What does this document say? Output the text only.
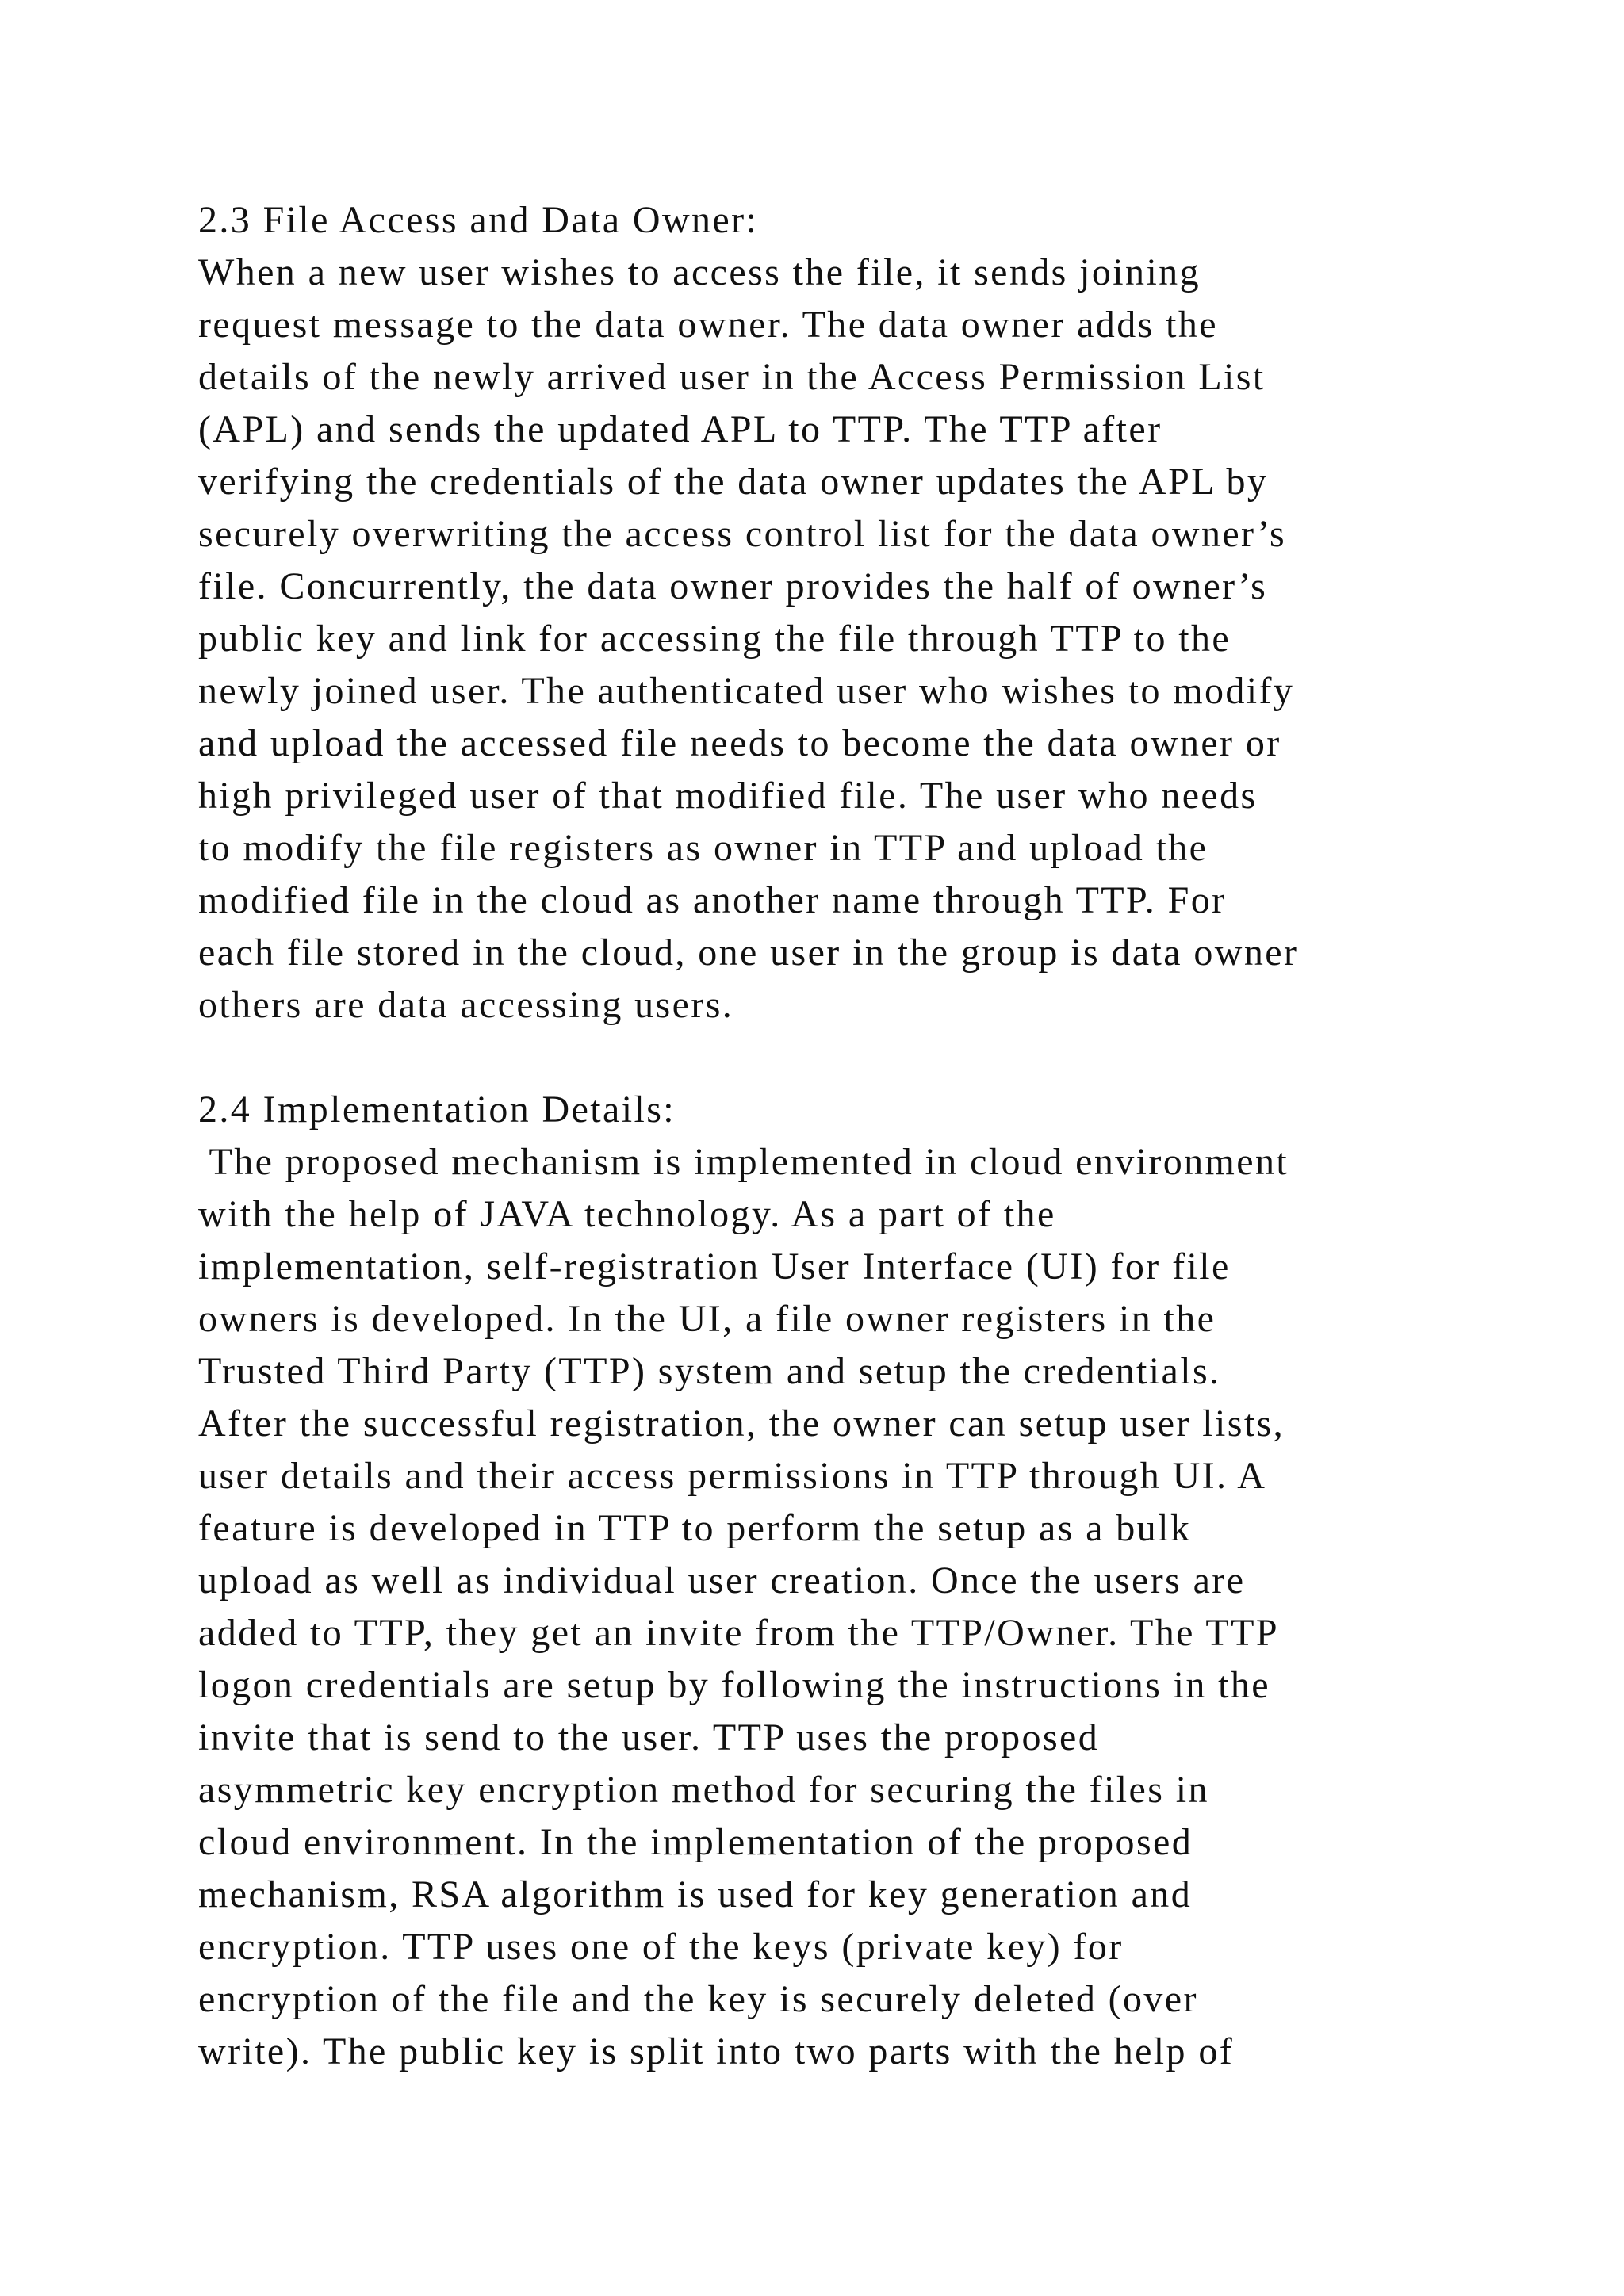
2.3 File Access and Data Owner:
When a new user wishes to access the file, it sends joining
request message to the data owner. The data owner adds the
details of the newly arrived user in the Access Permission List
(APL) and sends the updated APL to TTP. The TTP after
verifying the credentials of the data owner updates the APL by
securely overwriting the access control list for the data owner’s
file. Concurrently, the data owner provides the half of owner’s
public key and link for accessing the file through TTP to the
newly joined user. The authenticated user who wishes to modify
and upload the accessed file needs to become the data owner or
high privileged user of that modified file. The user who needs
to modify the file registers as owner in TTP and upload the
modified file in the cloud as another name through TTP. For
each file stored in the cloud, one user in the group is data owner
others are data accessing users.
2.4 Implementation Details:
The proposed mechanism is implemented in cloud environment
with the help of JAVA technology. As a part of the
implementation, self-registration User Interface (UI) for file
owners is developed. In the UI, a file owner registers in the
Trusted Third Party (TTP) system and setup the credentials.
After the successful registration, the owner can setup user lists,
user details and their access permissions in TTP through UI. A
feature is developed in TTP to perform the setup as a bulk
upload as well as individual user creation. Once the users are
added to TTP, they get an invite from the TTP/Owner. The TTP
logon credentials are setup by following the instructions in the
invite that is send to the user. TTP uses the proposed
asymmetric key encryption method for securing the files in
cloud environment. In the implementation of the proposed
mechanism, RSA algorithm is used for key generation and
encryption. TTP uses one of the keys (private key) for
encryption of the file and the key is securely deleted (over
write). The public key is split into two parts with the help of
